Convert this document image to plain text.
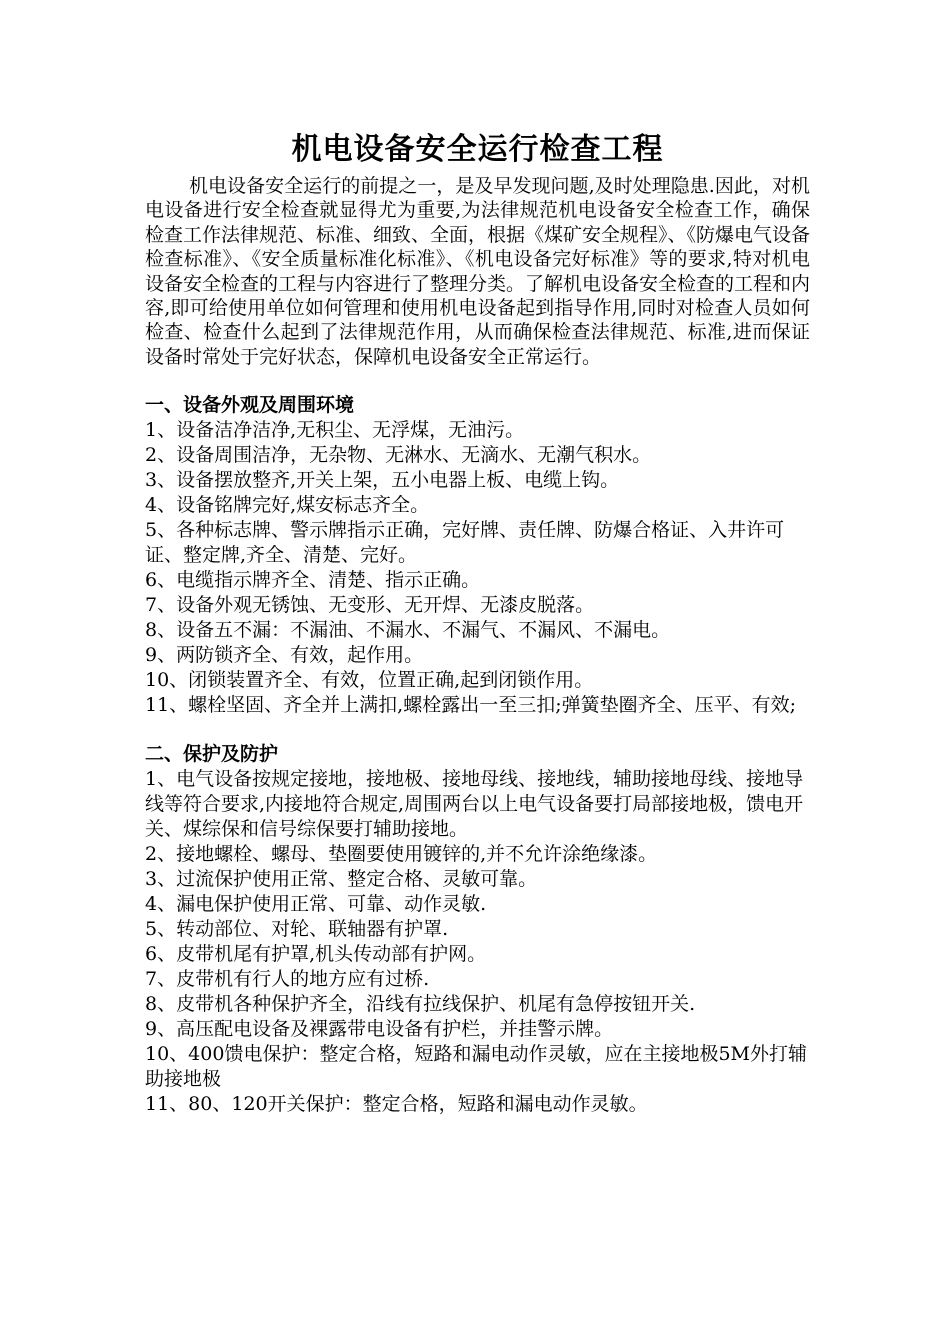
机电设备安全运行检查工程

机电设备安全运行的前提之一，是及早发现问题,及时处理隐患.因此，对机电设备进行安全检查就显得尤为重要,为法律规范机电设备安全检查工作，确保检查工作法律规范、标准、细致、全面，根据《煤矿安全规程》、《防爆电气设备检查标准》、《安全质量标准化标准》、《机电设备完好标准》等的要求,特对机电设备安全检查的工程与内容进行了整理分类。了解机电设备安全检查的工程和内容,即可给使用单位如何管理和使用机电设备起到指导作用,同时对检查人员如何检查、检查什么起到了法律规范作用，从而确保检查法律规范、标准,进而保证设备时常处于完好状态，保障机电设备安全正常运行。

一、设备外观及周围环境

1、设备洁净洁净,无积尘、无浮煤，无油污。

2、设备周围洁净，无杂物、无淋水、无滴水、无潮气积水。

3、设备摆放整齐,开关上架，五小电器上板、电缆上钩。

4、设备铭牌完好,煤安标志齐全。

5、各种标志牌、警示牌指示正确，完好牌、责任牌、防爆合格证、入井许可证、整定牌,齐全、清楚、完好。

6、电缆指示牌齐全、清楚、指示正确。

7、设备外观无锈蚀、无变形、无开焊、无漆皮脱落。

8、设备五不漏：不漏油、不漏水、不漏气、不漏风、不漏电。

9、两防锁齐全、有效，起作用。

10、闭锁装置齐全、有效，位置正确,起到闭锁作用。

11、螺栓坚固、齐全并上满扣,螺栓露出一至三扣;弹簧垫圈齐全、压平、有效;

二、保护及防护

1、电气设备按规定接地，接地极、接地母线、接地线，辅助接地母线、接地导线等符合要求,内接地符合规定,周围两台以上电气设备要打局部接地极，馈电开关、煤综保和信号综保要打辅助接地。

2、接地螺栓、螺母、垫圈要使用镀锌的,并不允许涂绝缘漆。

3、过流保护使用正常、整定合格、灵敏可靠。

4、漏电保护使用正常、可靠、动作灵敏.

5、转动部位、对轮、联轴器有护罩.

6、皮带机尾有护罩,机头传动部有护网。

7、皮带机有行人的地方应有过桥.

8、皮带机各种保护齐全，沿线有拉线保护、机尾有急停按钮开关.

9、高压配电设备及裸露带电设备有护栏，并挂警示牌。

10、400馈电保护：整定合格，短路和漏电动作灵敏，应在主接地极5M外打辅助接地极

11、80、120开关保护：整定合格，短路和漏电动作灵敏。
